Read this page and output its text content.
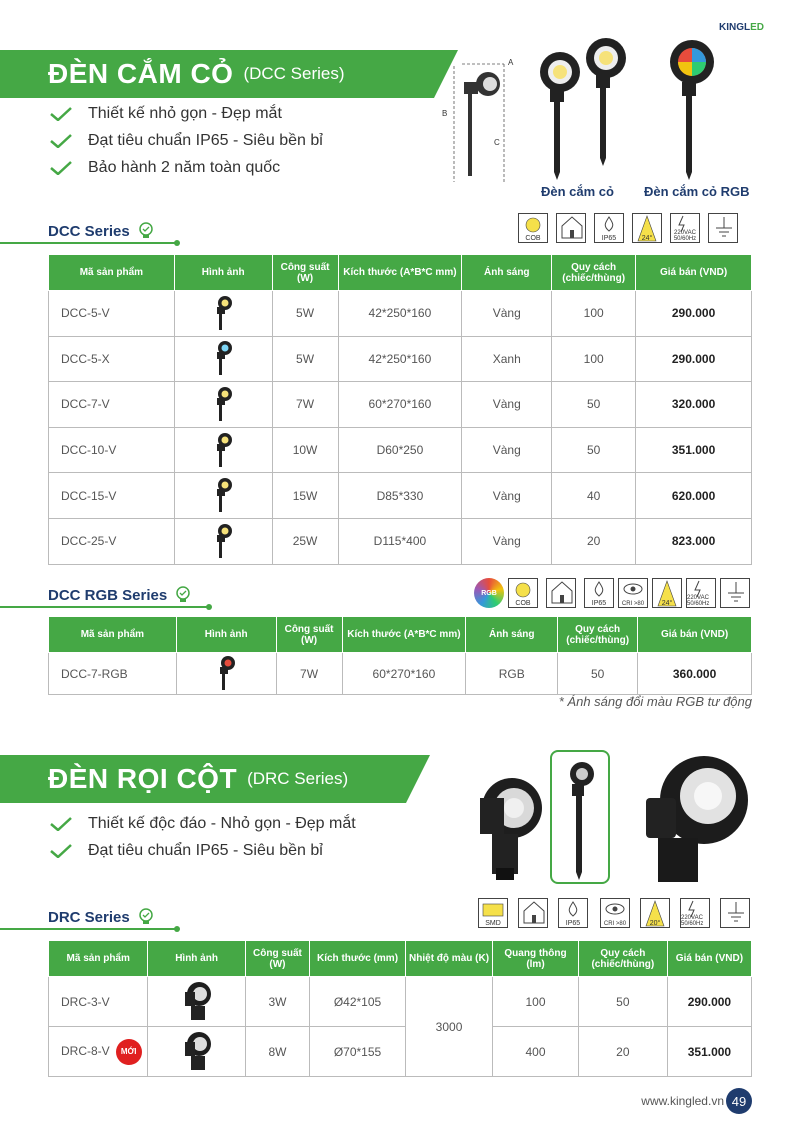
KINGLED
ĐÈN CẮM CỎ (DCC Series)
Thiết kế nhỏ gọn - Đẹp mắt
Đạt tiêu chuẩn IP65 - Siêu bền bỉ
Bảo hành 2 năm toàn quốc
A
B
C
Đèn cắm cỏ Đèn cắm cỏ RGB
DCC Series	COB	IP65	24°
220VAC 50/60Hz
Mã sản phẩm	Hình ảnh	Công suất (W)	Kích thước (A*B*C mm)	Ánh sáng	Quy cách (chiếc/thùng)	Giá bán (VND)
DCC-5-V		5W	42*250*160	Vàng	100	290.000
DCC-5-X		5W	42*250*160	Xanh	100	290.000
DCC-7-V		7W	60*270*160	Vàng	50	320.000
DCC-10-V		10W	D60*250	Vàng	50	351.000
DCC-15-V		15W	D85*330	Vàng	40	620.000
DCC-25-V		25W	D115*400	Vàng	20	823.000
DCC RGB Series	RGB
COB	IP65	CRI >80	24°
220VAC 50/60Hz
Mã sản phẩm	Hình ảnh	Công suất (W)	Kích thước (A*B*C mm)	Ánh sáng	Quy cách (chiếc/thùng)	Giá bán (VND)
DCC-7-RGB		7W	60*270*160	RGB	50	360.000
* Ánh sáng đổi màu RGB tư động
ĐÈN RỌI CỘT (DRC Series)
Thiết kế độc đáo - Nhỏ gọn - Đẹp mắt
Đạt tiêu chuẩn IP65 - Siêu bền bỉ
DRC Series	SMD	IP65	CRI >80	20°
220VAC 50/60Hz
Mã sản phẩm	Hình ảnh	Công suất (W)	Kích thước (mm)	Nhiệt độ màu (K)	Quang thông (lm)	Quy cách (chiếc/thùng)	Giá bán (VND)
DRC-3-V		3W	Ø42*105	3000	100	50	290.000
DRC-8-V MỚI		8W	Ø70*155		400	20	351.000
www.kingled.vn 49
